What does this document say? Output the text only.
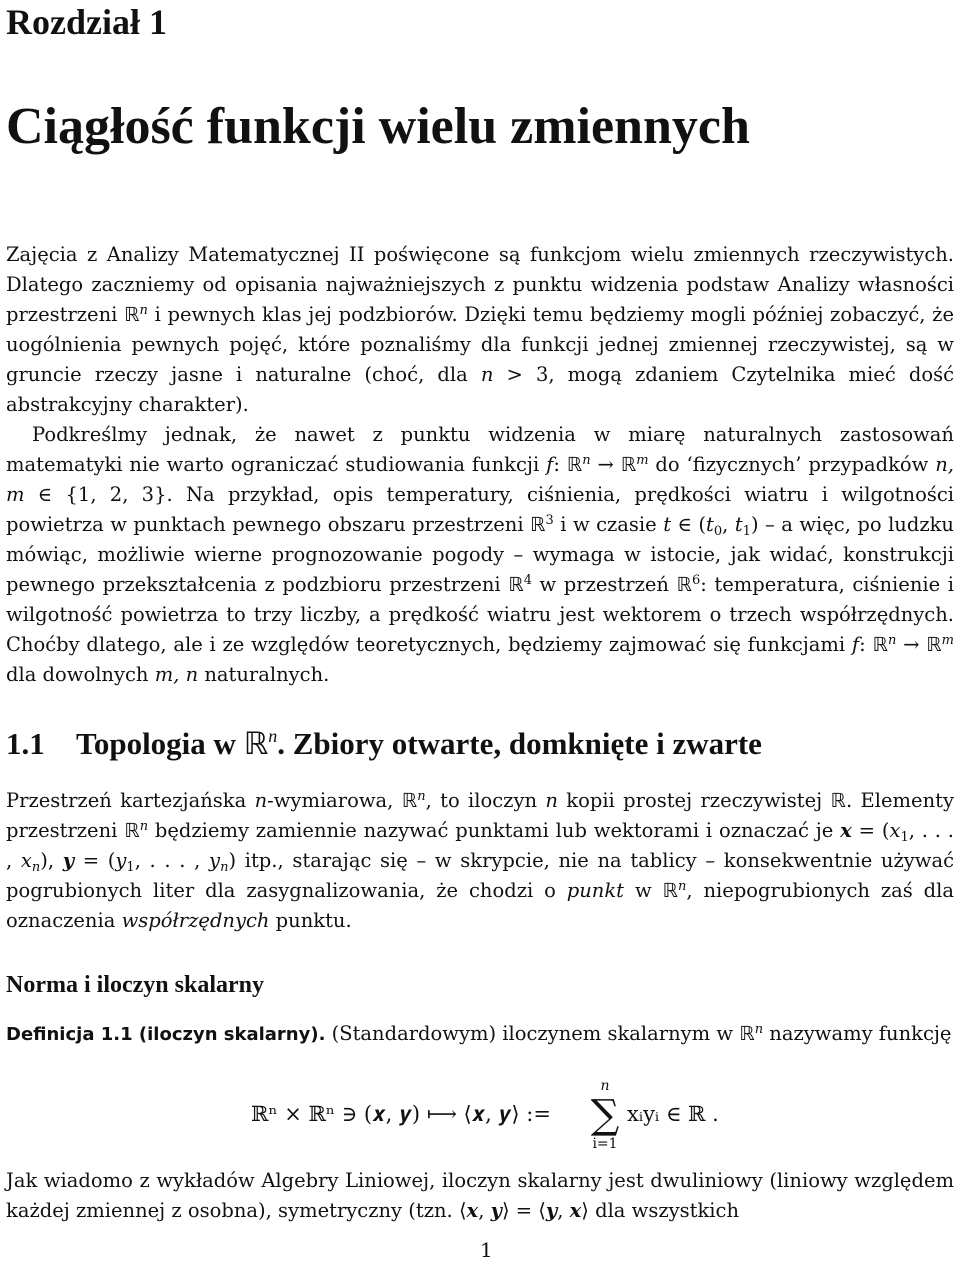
Rozdział 1
Ciągłość funkcji wielu zmiennych

Zajęcia z Analizy Matematycznej II poświęcone są funkcjom wielu zmiennych rzeczywistych. Dlatego zaczniemy od opisania najważniejszych z punktu widzenia podstaw Analizy własności przestrzeni ℝ$^n$ i pewnych klas jej podzbiorów. Dzięki temu będziemy mogli później zobaczyć, że uogólnienia pewnych pojęć, które poznaliśmy dla funkcji jednej zmiennej rzeczywistej, są w gruncie rzeczy jasne i naturalne (choć, dla n > 3, mogą zdaniem Czytelnika mieć dość abstrakcyjny charakter).

Podkreślmy jednak, że nawet z punktu widzenia w miarę naturalnych zastosowań matematyki nie warto ograniczać studiowania funkcji f: ℝ$^n$ → ℝ$^m$ do ‘fizycznych’ przypadków n, m ∈ {1, 2, 3}. Na przykład, opis temperatury, ciśnienia, prędkości wiatru i wilgotności powietrza w punktach pewnego obszaru przestrzeni ℝ$^3$ i w czasie t ∈ ($t_0$, $t_1$) – a więc, po ludzku mówiąc, możliwie wierne prognozowanie pogody – wymaga w istocie, jak widać, konstrukcji pewnego przekształcenia z podzbioru przestrzeni ℝ$^4$ w przestrzeń ℝ$^6$: temperatura, ciśnienie i wilgotność powietrza to trzy liczby, a prędkość wiatru jest wektorem o trzech współrzędnych. Choćby dlatego, ale i ze względów teoretycznych, będziemy zajmować się funkcjami f: ℝ$^n$ → ℝ$^m$ dla dowolnych m, n naturalnych.

1.1 Topologia w ℝ$^n$. Zbiory otwarte, domknięte i zwarte

Przestrzeń kartezjańska n-wymiarowa, ℝ$^n$, to iloczyn n kopii prostej rzeczywistej ℝ. Elementy przestrzeni ℝ$^n$ będziemy zamiennie nazywać punktami lub wektorami i oznaczać je $x = (x_1$, . . . , $x_n$), $y = (y_1$, . . . , $y_n$) itp., starając się – w skrypcie, nie na tablicy – konsekwentnie używać pogrubionych liter dla zasygnalizowania, że chodzi o punkt w ℝ$^n$, niepogrubionych zaś dla oznaczenia współrzędnych punktu.

Norma i iloczyn skalarny

Definicja 1.1 (iloczyn skalarny). (Standardowym) iloczynem skalarnym w ℝ$^n$ nazywamy funkcję

ℝⁿ × ℝⁿ ∋ (𝒙, 𝒚) ⟼ ⟨𝒙, 𝒚⟩ :=
n
∑
i=1
xᵢyᵢ ∈ ℝ .

Jak wiadomo z wykładów Algebry Liniowej, iloczyn skalarny jest dwuliniowy (liniowy względem każdej zmiennej z osobna), symetryczny (tzn. ⟨x, y⟩ = ⟨y, x⟩ dla wszystkich

1
